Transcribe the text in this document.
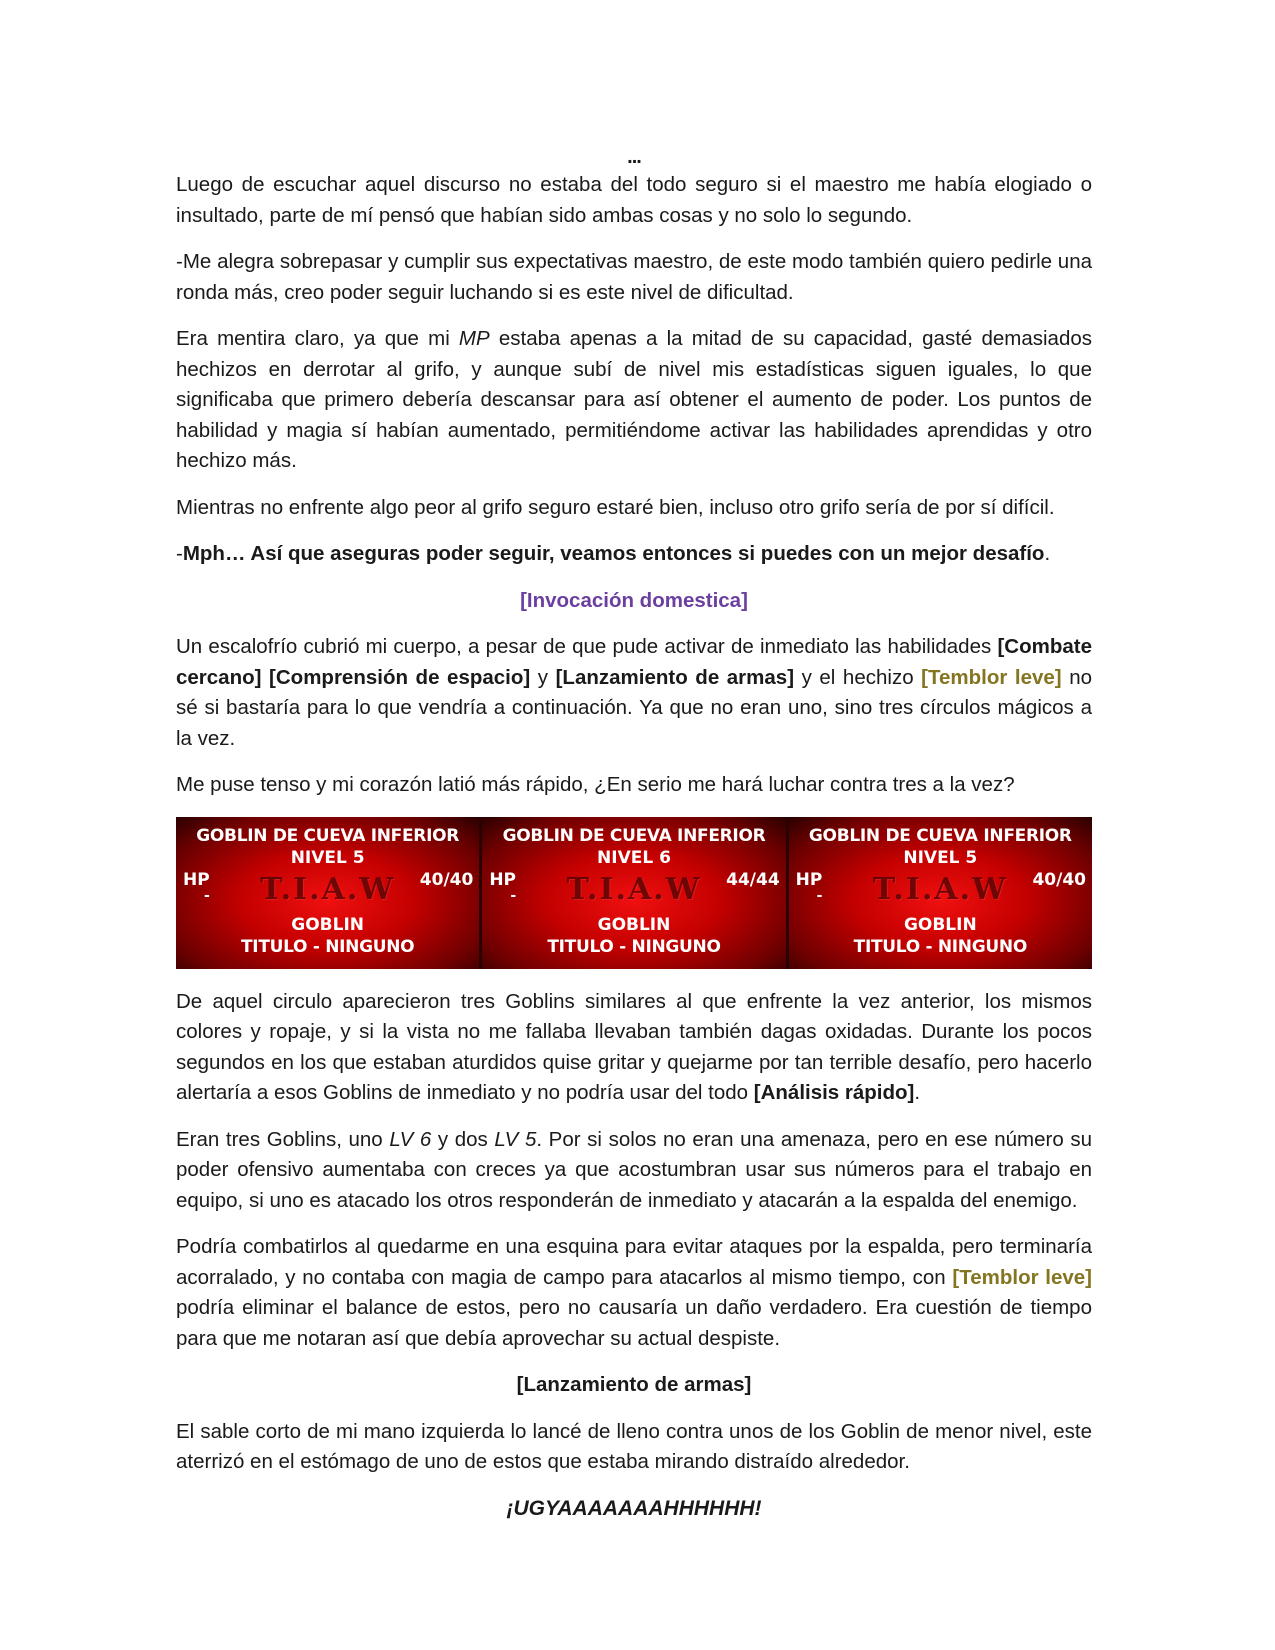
...

Luego de escuchar aquel discurso no estaba del todo seguro si el maestro me había elogiado o insultado, parte de mí pensó que habían sido ambas cosas y no solo lo segundo.

-Me alegra sobrepasar y cumplir sus expectativas maestro, de este modo también quiero pedirle una ronda más, creo poder seguir luchando si es este nivel de dificultad.

Era mentira claro, ya que mi MP estaba apenas a la mitad de su capacidad, gasté demasiados hechizos en derrotar al grifo, y aunque subí de nivel mis estadísticas siguen iguales, lo que significaba que primero debería descansar para así obtener el aumento de poder. Los puntos de habilidad y magia sí habían aumentado, permitiéndome activar las habilidades aprendidas y otro hechizo más.

Mientras no enfrente algo peor al grifo seguro estaré bien, incluso otro grifo sería de por sí difícil.

-Mph… Así que aseguras poder seguir, veamos entonces si puedes con un mejor desafío.

[Invocación domestica]

Un escalofrío cubrió mi cuerpo, a pesar de que pude activar de inmediato las habilidades [Combate cercano] [Comprensión de espacio] y [Lanzamiento de armas] y el hechizo [Temblor leve] no sé si bastaría para lo que vendría a continuación. Ya que no eran uno, sino tres círculos mágicos a la vez.

Me puse tenso y mi corazón latió más rápido, ¿En serio me hará luchar contra tres a la vez?

GOBLIN DE CUEVA INFERIOR
NIVEL 5
HP	40/40
-	T.I.A.W
GOBLIN
TITULO - NINGUNO
GOBLIN DE CUEVA INFERIOR
NIVEL 6
HP	44/44
-	T.I.A.W
GOBLIN
TITULO - NINGUNO
GOBLIN DE CUEVA INFERIOR
NIVEL 5
HP	40/40
-	T.I.A.W
GOBLIN
TITULO - NINGUNO

De aquel circulo aparecieron tres Goblins similares al que enfrente la vez anterior, los mismos colores y ropaje, y si la vista no me fallaba llevaban también dagas oxidadas. Durante los pocos segundos en los que estaban aturdidos quise gritar y quejarme por tan terrible desafío, pero hacerlo alertaría a esos Goblins de inmediato y no podría usar del todo [Análisis rápido].

Eran tres Goblins, uno LV 6 y dos LV 5. Por si solos no eran una amenaza, pero en ese número su poder ofensivo aumentaba con creces ya que acostumbran usar sus números para el trabajo en equipo, si uno es atacado los otros responderán de inmediato y atacarán a la espalda del enemigo.

Podría combatirlos al quedarme en una esquina para evitar ataques por la espalda, pero terminaría acorralado, y no contaba con magia de campo para atacarlos al mismo tiempo, con [Temblor leve] podría eliminar el balance de estos, pero no causaría un daño verdadero. Era cuestión de tiempo para que me notaran así que debía aprovechar su actual despiste.

[Lanzamiento de armas]

El sable corto de mi mano izquierda lo lancé de lleno contra unos de los Goblin de menor nivel, este aterrizó en el estómago de uno de estos que estaba mirando distraído alrededor.

¡UGYAAAAAAAHHHHHH!
